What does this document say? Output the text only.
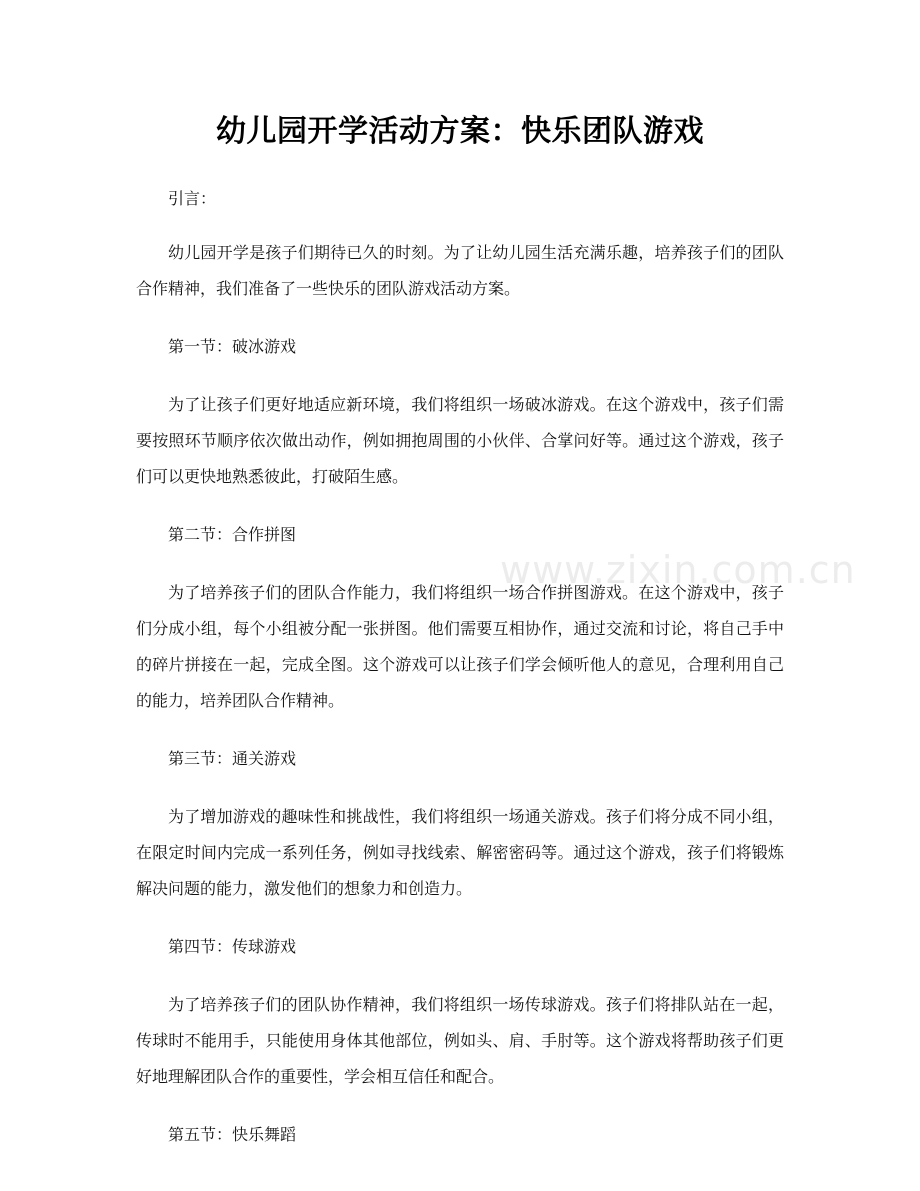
www.zixin.com.cn
幼儿园开学活动方案：快乐团队游戏

引言：

幼儿园开学是孩子们期待已久的时刻。为了让幼儿园生活充满乐趣，培养孩子们的团队合作精神，我们准备了一些快乐的团队游戏活动方案。

第一节：破冰游戏

为了让孩子们更好地适应新环境，我们将组织一场破冰游戏。在这个游戏中，孩子们需要按照环节顺序依次做出动作，例如拥抱周围的小伙伴、合掌问好等。通过这个游戏，孩子们可以更快地熟悉彼此，打破陌生感。

第二节：合作拼图

为了培养孩子们的团队合作能力，我们将组织一场合作拼图游戏。在这个游戏中，孩子们分成小组，每个小组被分配一张拼图。他们需要互相协作，通过交流和讨论，将自己手中的碎片拼接在一起，完成全图。这个游戏可以让孩子们学会倾听他人的意见，合理利用自己的能力，培养团队合作精神。

第三节：通关游戏

为了增加游戏的趣味性和挑战性，我们将组织一场通关游戏。孩子们将分成不同小组，在限定时间内完成一系列任务，例如寻找线索、解密密码等。通过这个游戏，孩子们将锻炼解决问题的能力，激发他们的想象力和创造力。

第四节：传球游戏

为了培养孩子们的团队协作精神，我们将组织一场传球游戏。孩子们将排队站在一起，传球时不能用手，只能使用身体其他部位，例如头、肩、手肘等。这个游戏将帮助孩子们更好地理解团队合作的重要性，学会相互信任和配合。

第五节：快乐舞蹈
